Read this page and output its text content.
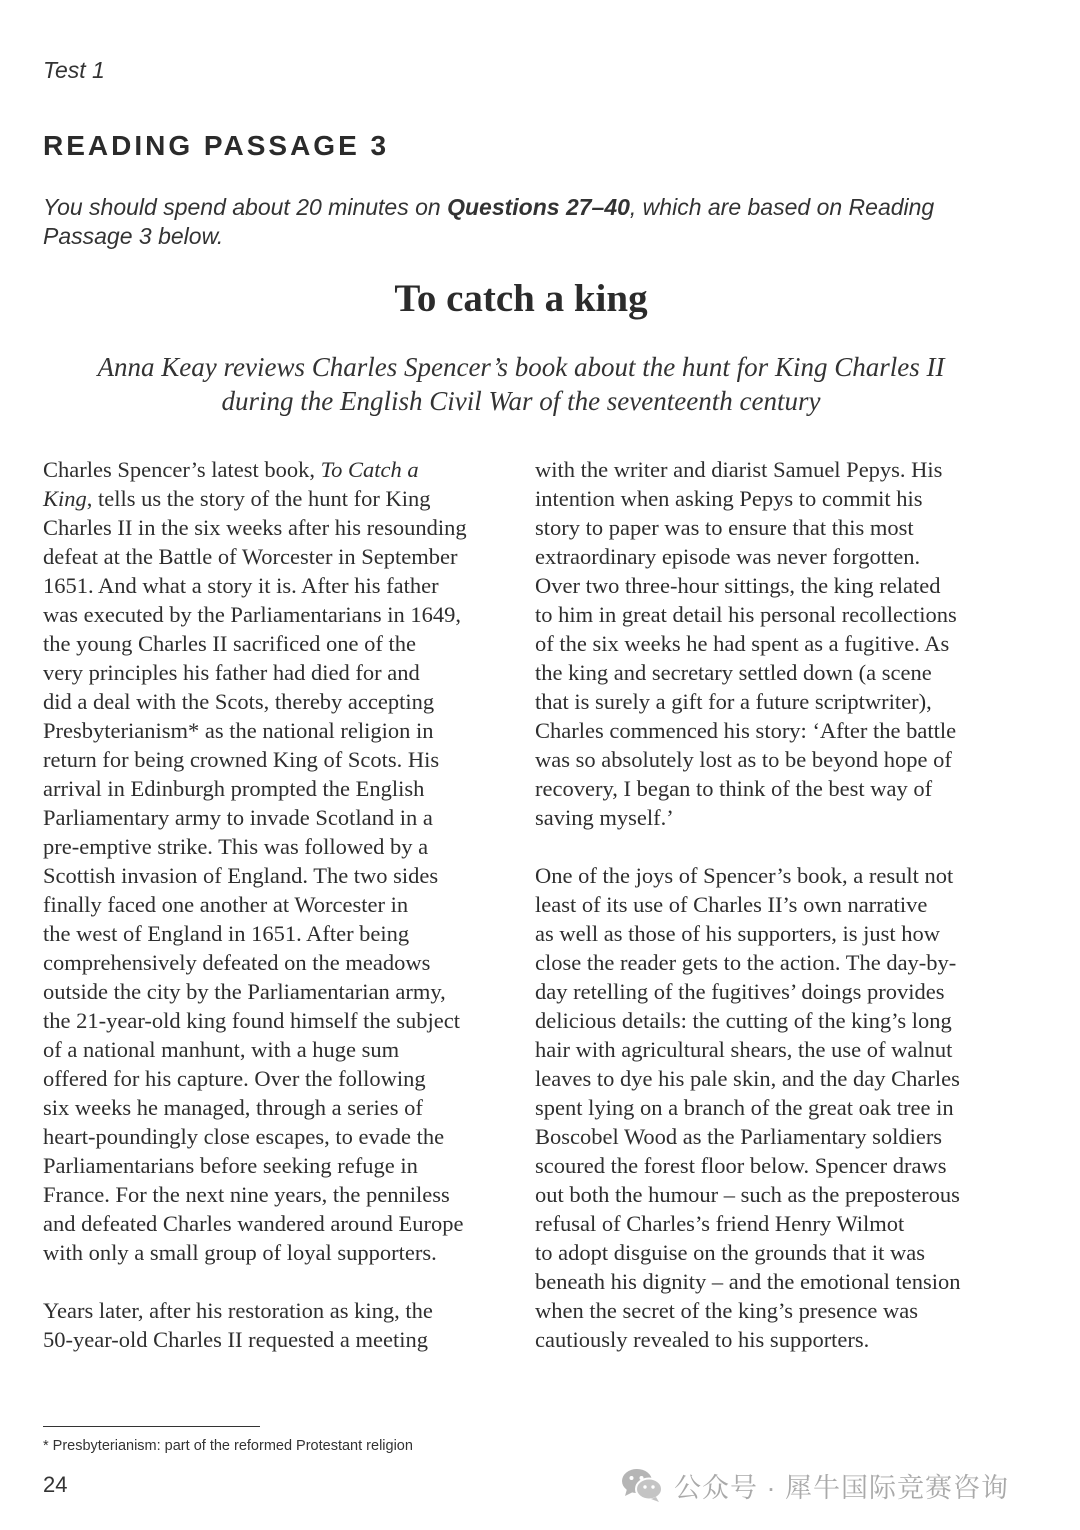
Test 1
READING PASSAGE 3
You should spend about 20 minutes on Questions 27–40, which are based on Reading
Passage 3 below.
To catch a king
Anna Keay reviews Charles Spencer’s book about the hunt for King Charles II
during the English Civil War of the seventeenth century

Charles Spencer’s latest book, To Catch a
King, tells us the story of the hunt for King
Charles II in the six weeks after his resounding
defeat at the Battle of Worcester in September
1651. And what a story it is. After his father
was executed by the Parliamentarians in 1649,
the young Charles II sacrificed one of the
very principles his father had died for and
did a deal with the Scots, thereby accepting
Presbyterianism* as the national religion in
return for being crowned King of Scots. His
arrival in Edinburgh prompted the English
Parliamentary army to invade Scotland in a
pre-emptive strike. This was followed by a
Scottish invasion of England. The two sides
finally faced one another at Worcester in
the west of England in 1651. After being
comprehensively defeated on the meadows
outside the city by the Parliamentarian army,
the 21-year-old king found himself the subject
of a national manhunt, with a huge sum
offered for his capture. Over the following
six weeks he managed, through a series of
heart-poundingly close escapes, to evade the
Parliamentarians before seeking refuge in
France. For the next nine years, the penniless
and defeated Charles wandered around Europe
with only a small group of loyal supporters.

Years later, after his restoration as king, the
50-year-old Charles II requested a meeting

with the writer and diarist Samuel Pepys. His
intention when asking Pepys to commit his
story to paper was to ensure that this most
extraordinary episode was never forgotten.
Over two three-hour sittings, the king related
to him in great detail his personal recollections
of the six weeks he had spent as a fugitive. As
the king and secretary settled down (a scene
that is surely a gift for a future scriptwriter),
Charles commenced his story: ‘After the battle
was so absolutely lost as to be beyond hope of
recovery, I began to think of the best way of
saving myself.’

One of the joys of Spencer’s book, a result not
least of its use of Charles II’s own narrative
as well as those of his supporters, is just how
close the reader gets to the action. The day-by-
day retelling of the fugitives’ doings provides
delicious details: the cutting of the king’s long
hair with agricultural shears, the use of walnut
leaves to dye his pale skin, and the day Charles
spent lying on a branch of the great oak tree in
Boscobel Wood as the Parliamentary soldiers
scoured the forest floor below. Spencer draws
out both the humour – such as the preposterous
refusal of Charles’s friend Henry Wilmot
to adopt disguise on the grounds that it was
beneath his dignity – and the emotional tension
when the secret of the king’s presence was
cautiously revealed to his supporters.

* Presbyterianism: part of the reformed Protestant religion
24	公众号 · 犀牛国际竞赛咨询
